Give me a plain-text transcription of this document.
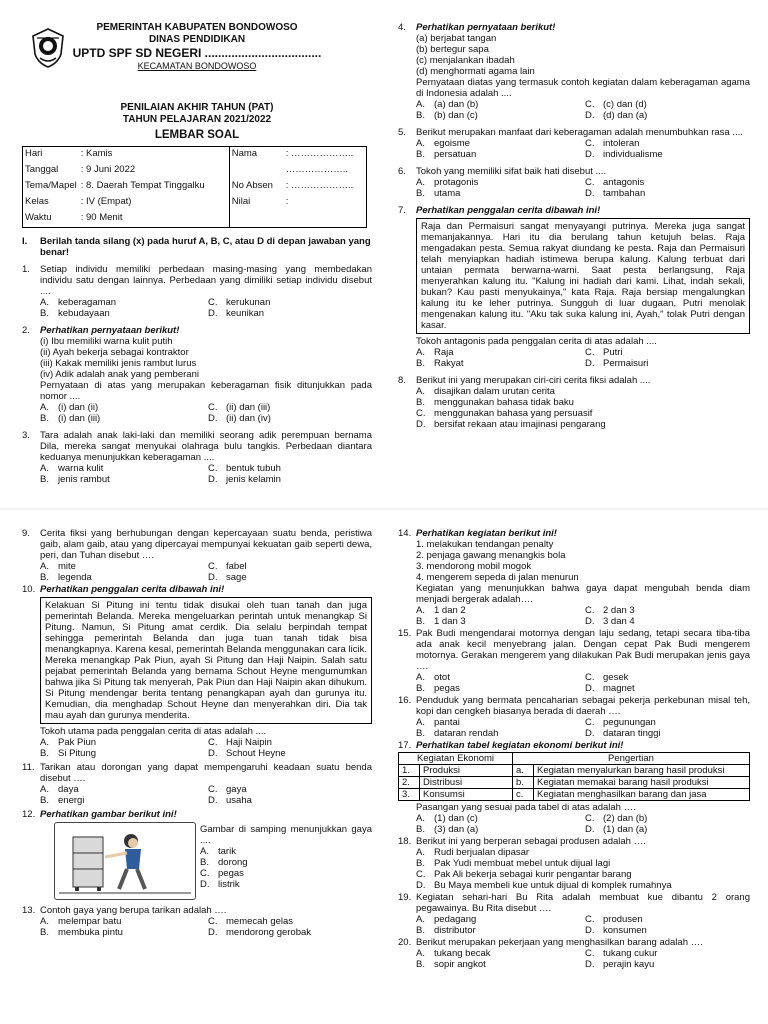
PEMERINTAH KABUPATEN BONDOWOSO
DINAS PENDIDIKAN
UPTD SPF SD NEGERI ...................................
KECAMATAN BONDOWOSO
PENILAIAN AKHIR TAHUN (PAT)
TAHUN PELAJARAN 2021/2022
LEMBAR SOAL
Hari	: Kamis	Nama	: ………………..
Tanggal	: 9 Juni 2022		………………..
Tema/Mapel	: 8. Daerah Tempat Tinggalku	No Absen	: ………………..
Kelas	: IV (Empat)	Nilai	:
Waktu	: 90 Menit		
I.	Berilah tanda silang (x) pada huruf A, B, C, atau D di depan jawaban yang benar!
1.	Setiap individu memiliki perbedaan masing-masing yang membedakan individu satu dengan lainnya. Perbedaan yang dimiliki setiap individu disebut ....
A. keberagaman	C. kerukunan
B. kebudayaan	D. keunikan
2.	Perhatikan pernyataan berikut!
(i) Ibu memiliki warna kulit putih
(ii) Ayah bekerja sebagai kontraktor
(iii) Kakak memiliki jenis rambut lurus
(iv) Adik adalah anak yang pemberani
Pernyataan di atas yang merupakan keberagaman fisik ditunjukkan pada nomor ....
A. (i) dan (ii)	C. (ii) dan (iii)
B. (i) dan (iii)	D. (ii) dan (iv)
3.	Tara adalah anak laki-laki dan memiliki seorang adik perempuan bernama Dila, mereka sangat menyukai olahraga bulu tangkis. Perbedaan diantara keduanya menunjukkan keberagaman ....
A. warna kulit	C. bentuk tubuh
B. jenis rambut	D. jenis kelamin
4.	Perhatikan pernyataan berikut!
(a) berjabat tangan
(b) bertegur sapa
(c) menjalankan ibadah
(d) menghormati agama lain
Pernyataan diatas yang termasuk contoh kegiatan dalam keberagaman agama di Indonesia adalah ....
A. (a) dan (b)	C. (c) dan (d)
B. (b) dan (c)	D. (d) dan (a)
5.	Berikut merupakan manfaat dari keberagaman adalah menumbuhkan rasa ....
A. egoisme	C. intoleran
B. persatuan	D. individualisme
6.	Tokoh yang memiliki sifat baik hati disebut ....
A. protagonis	C. antagonis
B. utama	D. tambahan
7.	Perhatikan penggalan cerita dibawah ini!
Raja dan Permaisuri sangat menyayangi putrinya. Mereka juga sangat memanjakannya. Hari itu dia berulang tahun ketujuh belas. Raja mengadakan pesta. Semua rakyat diundang ke pesta. Raja dan Permaisuri telah menyiapkan hadiah istimewa berupa kalung. Kalung terbuat dari untaian permata berwarna-warni. Saat pesta berlangsung, Raja menyerahkan kalung itu. "Kalung ini hadiah dari kami. Lihat, indah sekali, bukan? Kau pasti menyukainya," kata Raja. Raja bersiap mengalungkan kalung itu ke leher putrinya. Sungguh di luar dugaan, Putri menolak mengenakan kalung itu. "Aku tak suka kalung ini, Ayah," tolak Putri dengan kasar.
Tokoh antagonis pada penggalan cerita di atas adalah ....
A. Raja	C. Putri
B. Rakyat	D. Permaisuri
8.	Berikut ini yang merupakan ciri-ciri cerita fiksi adalah ....
A. disajikan dalam urutan cerita
B. menggunakan bahasa tidak baku
C. menggunakan bahasa yang persuasif
D. bersifat rekaan atau imajinasi pengarang
9.	Cerita fiksi yang berhubungan dengan kepercayaan suatu benda, peristiwa gaib, alam gaib, atau yang dipercayai mempunyai kekuatan gaib seperti dewa, peri, dan Tuhan disebut ….
A. mite	C. fabel
B. legenda	D. sage
10. Perhatikan penggalan cerita dibawah ini!
Kelakuan Si Pitung ini tentu tidak disukai oleh tuan tanah dan juga pemerintah Belanda. Mereka mengeluarkan perintah untuk menangkap Si Pitung. Namun, Si Pitung amat cerdik. Dia selalu berpindah tempat sehingga pemerintah Belanda dan juga tuan tanah tidak bisa menangkapnya. Karena kesal, pemerintah Belanda menggunakan cara licik. Mereka menangkap Pak Piun, ayah Si Pitung dan Haji Naipin. Salah satu pejabat pemerintah Belanda yang bernama Schout Heyne mengumumkan bahwa jika Si Pitung tak menyerah, Pak Piun dan Haji Naipin akan dihukum. Si Pitung mendengar berita tentang penangkapan ayah dan gurunya itu. Kemudian, dia menghadap Schout Heyne dan menyerahkan diri. Dia tak mau ayah dan gurunya menderita.
Tokoh utama pada penggalan cerita di atas adalah ....
A. Pak Piun	C. Haji Naipin
B. Si Pitung	D. Schout Heyne
11. Tarikan atau dorongan yang dapat mempengaruhi keadaan suatu benda disebut ….
A. daya	C. gaya
B. energi	D. usaha
12. Perhatikan gambar berikut ini!
Gambar di samping menunjukkan gaya ....
A. tarik
B. dorong
C. pegas
D. listrik
13. Contoh gaya yang berupa tarikan adalah ….
A. melempar batu	C. memecah gelas
B. membuka pintu	D. mendorong gerobak
14. Perhatikan kegiatan berikut ini!
1. melakukan tendangan penalty
2. penjaga gawang menangkis bola
3. mendorong mobil mogok
4. mengerem sepeda di jalan menurun
Kegiatan yang menunjukkan bahwa gaya dapat mengubah benda diam menjadi bergerak adalah….
A. 1 dan 2	C. 2 dan 3
B. 1 dan 3	D. 3 dan 4
15. Pak Budi mengendarai motornya dengan laju sedang, tetapi secara tiba-tiba ada anak kecil menyebrang jalan. Dengan cepat Pak Budi mengerem motornya. Gerakan mengerem yang dilakukan Pak Budi merupakan jenis gaya ….
A. otot	C. gesek
B. pegas	D. magnet
16. Penduduk yang bermata pencaharian sebagai pekerja perkebunan misal teh, kopi dan cengkeh biasanya berada di daerah ….
A. pantai	C. pegunungan
B. dataran rendah	D. dataran tinggi
17. Perhatikan tabel kegiatan ekonomi berikut ini!
Kegiatan Ekonomi		Pengertian	
1.	Produksi	a.	Kegiatan menyalurkan barang hasil produksi
2.	Distribusi	b.	Kegiatan memakai barang hasil produksi
3.	Konsumsi	c.	Kegiatan menghasilkan barang dan jasa
Pasangan yang sesuai pada tabel di atas adalah ….
A. (1) dan (c)	C. (2) dan (b)
B. (3) dan (a)	D. (1) dan (a)
18. Berikut ini yang berperan sebagai produsen adalah ….
A. Rudi berjualan dipasar
B. Pak Yudi membuat mebel untuk dijual lagi
C. Pak Ali bekerja sebagai kurir pengantar barang
D. Bu Maya membeli kue untuk dijual di komplek rumahnya
19. Kegiatan sehari-hari Bu Rita adalah membuat kue dibantu 2 orang pegawainya. Bu Rita disebut ….
A. pedagang	C. produsen
B. distributor	D. konsumen
20. Berikut merupakan pekerjaan yang menghasilkan barang adalah ….
A. tukang becak	C. tukang cukur
B. sopir angkot	D. perajin kayu
